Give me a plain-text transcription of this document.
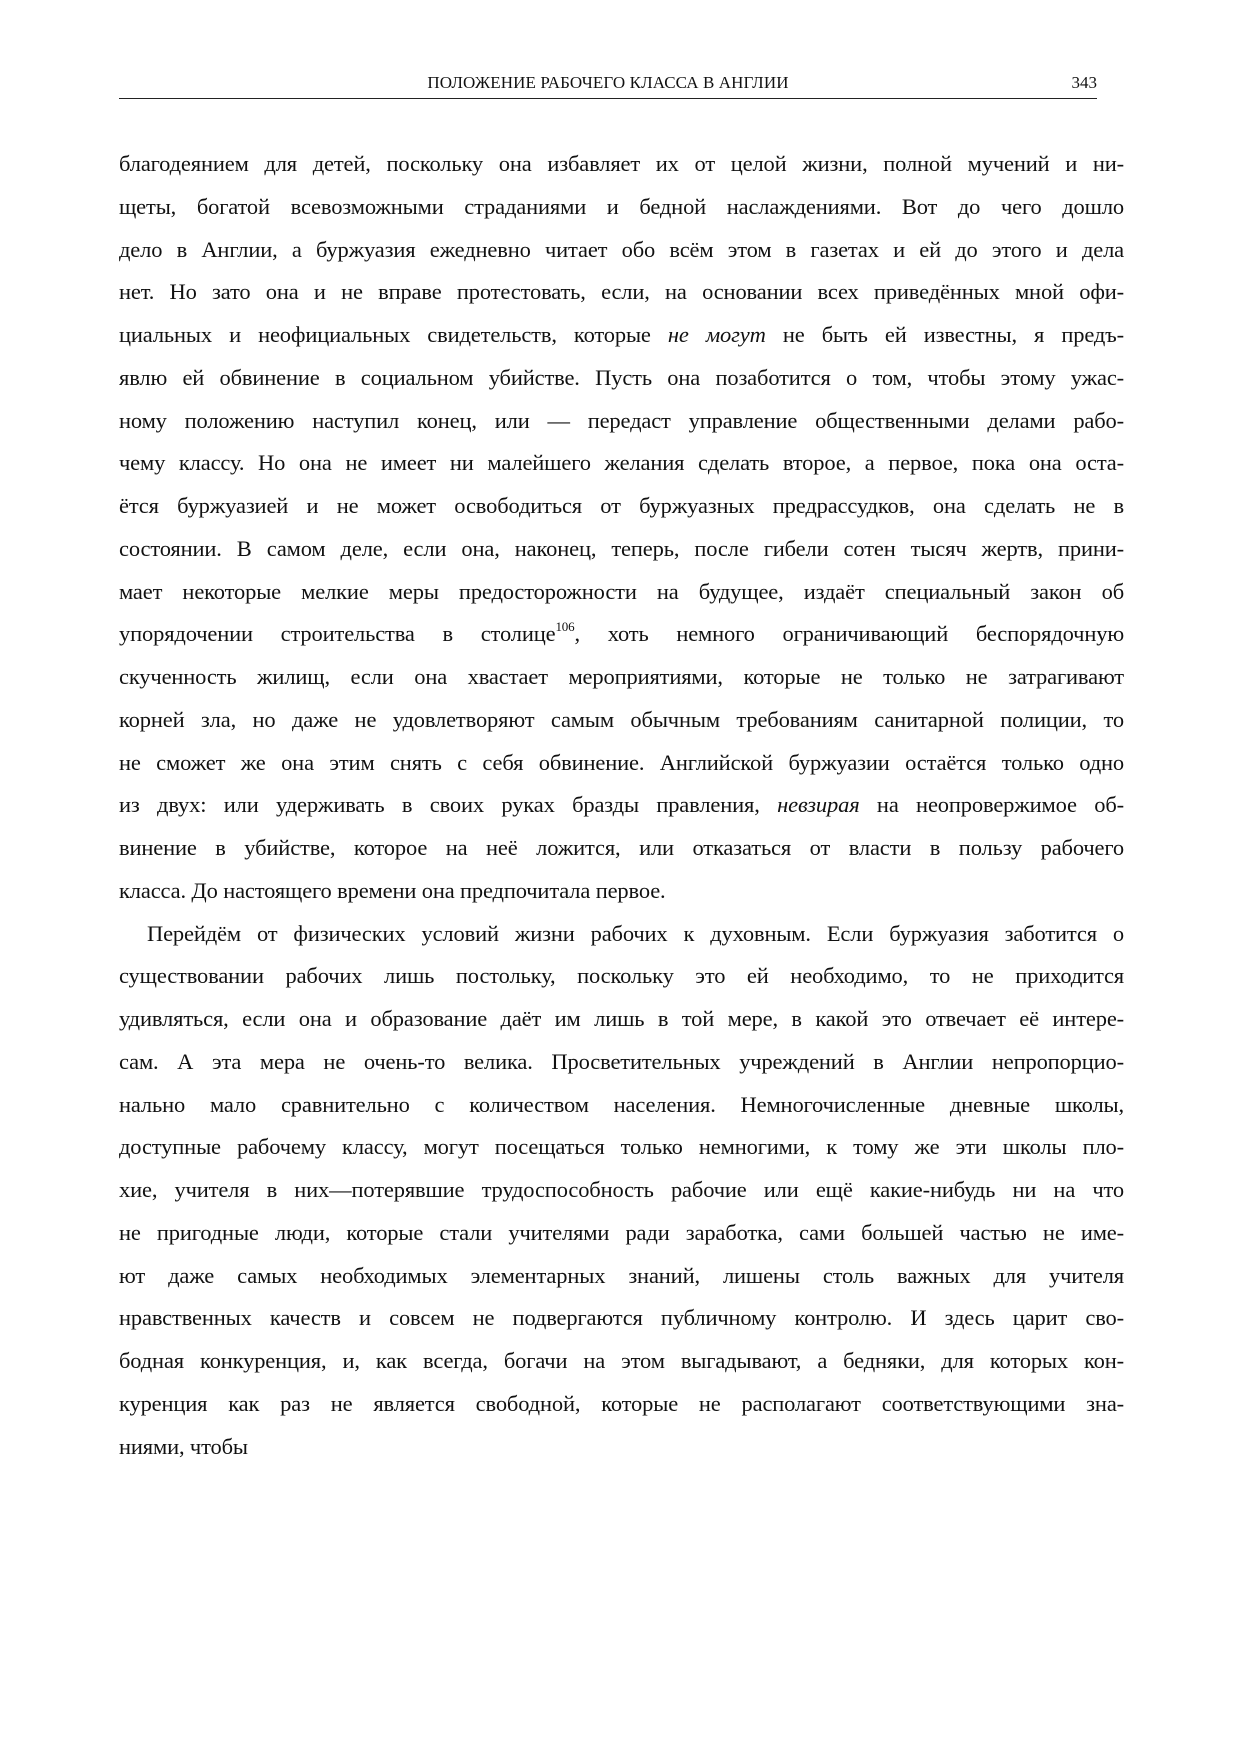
ПОЛОЖЕНИЕ РАБОЧЕГО КЛАССА В АНГЛИИ	343
благодеянием для детей, поскольку она избавляет их от целой жизни, полной мучений и ни-
щеты, богатой всевозможными страданиями и бедной наслаждениями. Вот до чего дошло
дело в Англии, а буржуазия ежедневно читает обо всём этом в газетах и ей до этого и дела
нет. Но зато она и не вправе протестовать, если, на основании всех приведённых мной офи-
циальных и неофициальных свидетельств, которые не могут не быть ей известны, я предъ-
явлю ей обвинение в социальном убийстве. Пусть она позаботится о том, чтобы этому ужас-
ному положению наступил конец, или — передаст управление общественными делами рабо-
чему классу. Но она не имеет ни малейшего желания сделать второе, а первое, пока она оста-
ётся буржуазией и не может освободиться от буржуазных предрассудков, она сделать не в
состоянии. В самом деле, если она, наконец, теперь, после гибели сотен тысяч жертв, прини-
мает некоторые мелкие меры предосторожности на будущее, издаёт специальный закон об
упорядочении строительства в столице$^{106}$, хоть немного ограничивающий беспорядочную
скученность жилищ, если она хвастает мероприятиями, которые не только не затрагивают
корней зла, но даже не удовлетворяют самым обычным требованиям санитарной полиции, то
не сможет же она этим снять с себя обвинение. Английской буржуазии остаётся только одно
из двух: или удерживать в своих руках бразды правления, невзирая на неопровержимое об-
винение в убийстве, которое на неё ложится, или отказаться от власти в пользу рабочего
класса. До настоящего времени она предпочитала первое.
Перейдём от физических условий жизни рабочих к духовным. Если буржуазия заботится о
существовании рабочих лишь постольку, поскольку это ей необходимо, то не приходится
удивляться, если она и образование даёт им лишь в той мере, в какой это отвечает её интере-
сам. А эта мера не очень-то велика. Просветительных учреждений в Англии непропорцио-
нально мало сравнительно с количеством населения. Немногочисленные дневные школы,
доступные рабочему классу, могут посещаться только немногими, к тому же эти школы пло-
хие, учителя в них—потерявшие трудоспособность рабочие или ещё какие-нибудь ни на что
не пригодные люди, которые стали учителями ради заработка, сами большей частью не име-
ют даже самых необходимых элементарных знаний, лишены столь важных для учителя
нравственных качеств и совсем не подвергаются публичному контролю. И здесь царит сво-
бодная конкуренция, и, как всегда, богачи на этом выгадывают, а бедняки, для которых кон-
куренция как раз не является свободной, которые не располагают соответствующими зна-
ниями, чтобы
